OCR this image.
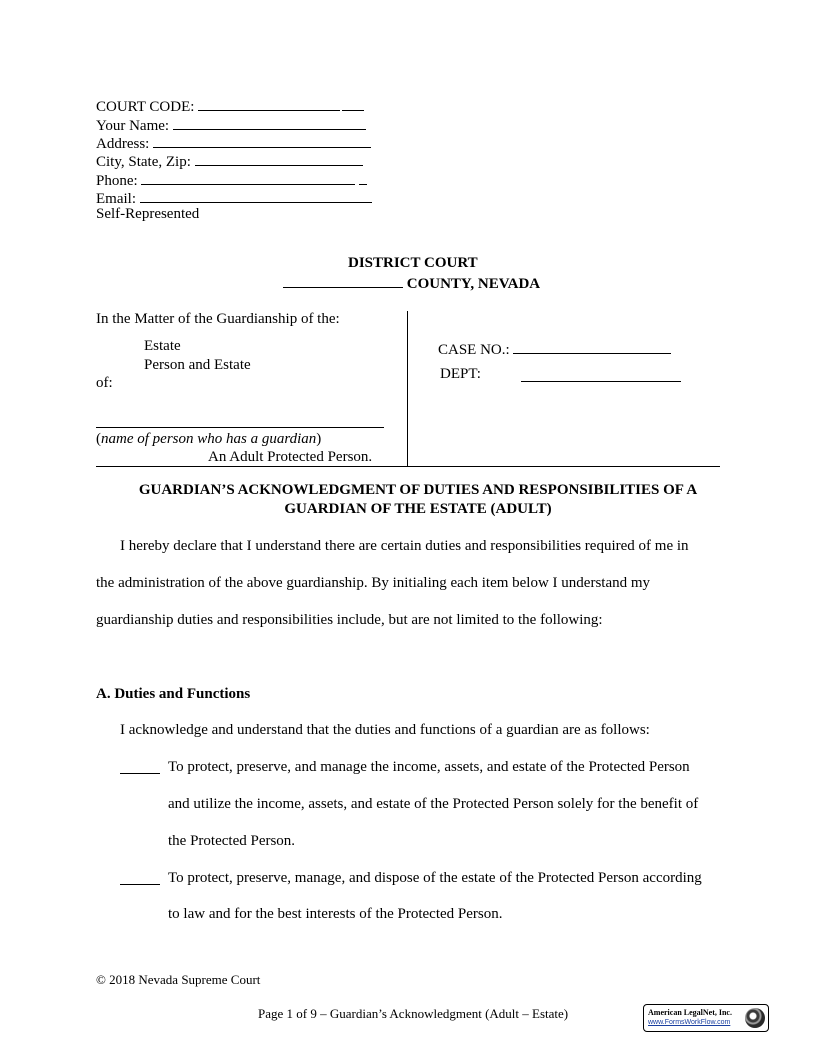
COURT CODE:
Your Name:
Address:
City, State, Zip:
Phone:
Email:
Self-Represented
DISTRICT COURT
COUNTY, NEVADA
In the Matter of the Guardianship of the:
Estate
Person and Estate
of:
(name of person who has a guardian)
An Adult Protected Person.
CASE NO.:
DEPT:
GUARDIAN’S ACKNOWLEDGMENT OF DUTIES AND RESPONSIBILITIES OF A
GUARDIAN OF THE ESTATE (ADULT)
I hereby declare that I understand there are certain duties and responsibilities required of me in
the administration of the above guardianship. By initialing each item below I understand my
guardianship duties and responsibilities include, but are not limited to the following:
A. Duties and Functions
I acknowledge and understand that the duties and functions of a guardian are as follows:
To protect, preserve, and manage the income, assets, and estate of the Protected Person
and utilize the income, assets, and estate of the Protected Person solely for the benefit of
the Protected Person.
To protect, preserve, manage, and dispose of the estate of the Protected Person according
to law and for the best interests of the Protected Person.
© 2018 Nevada Supreme Court
Page 1 of 9 – Guardian’s Acknowledgment (Adult – Estate)	American LegalNet, Inc.
www.FormsWorkFlow.com
